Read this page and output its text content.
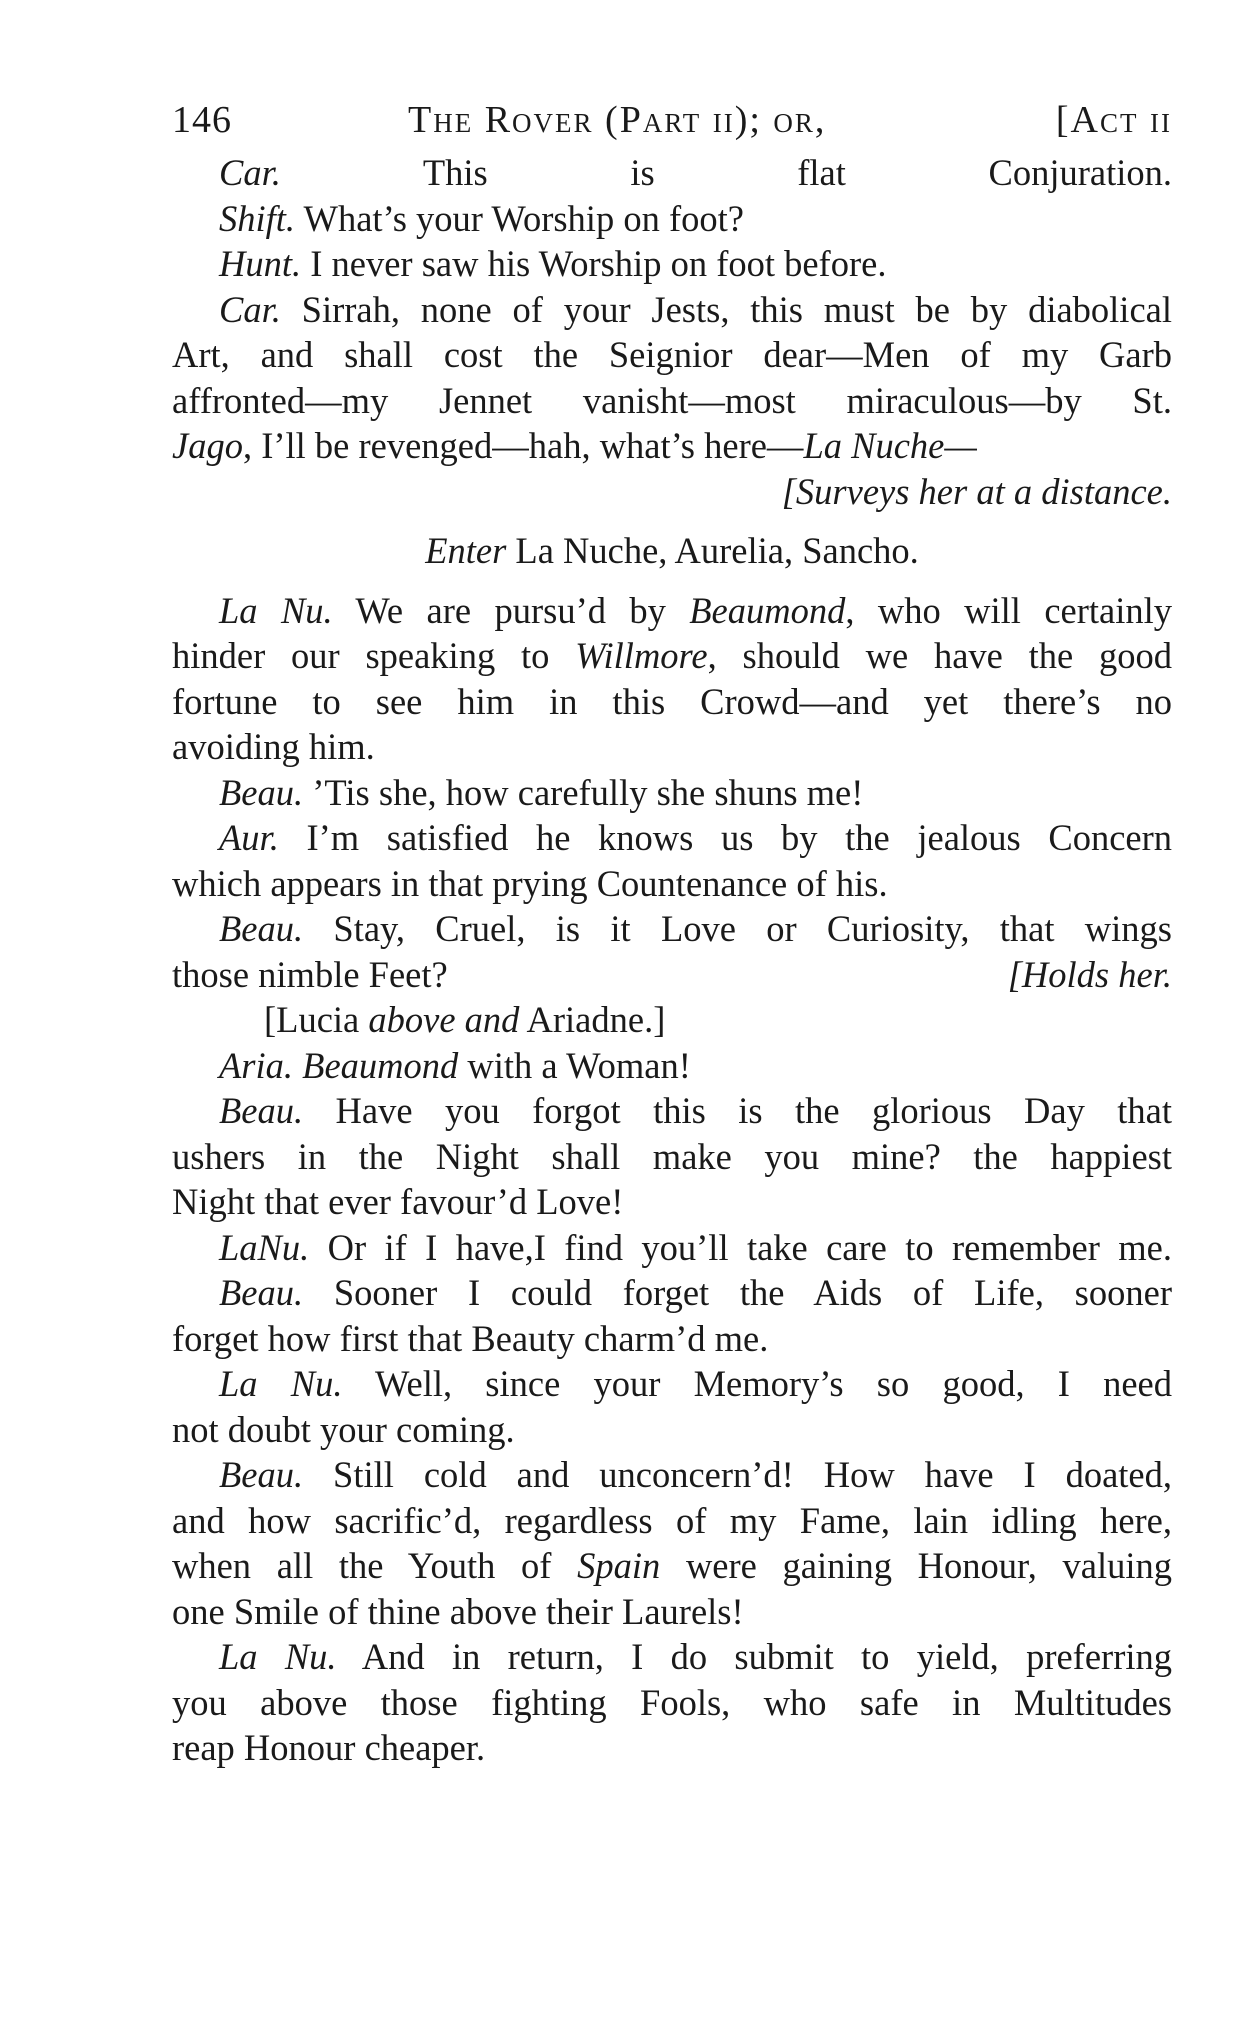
146	The Rover (Part ii); or,	[Act ii
Car. This is flat Conjuration.
Shift. What’s your Worship on foot?
Hunt. I never saw his Worship on foot before.
Car. Sirrah, none of your Jests, this must be by diabolical
Art, and shall cost the Seignior dear—Men of my Garb
affronted—my Jennet vanisht—most miraculous—by St.
Jago, I’ll be revenged—hah, what’s here—La Nuche—
[Surveys her at a distance.
Enter La Nuche, Aurelia, Sancho.
La Nu. We are pursu’d by Beaumond, who will certainly
hinder our speaking to Willmore, should we have the good
fortune to see him in this Crowd—and yet there’s no
avoiding him.
Beau. ’Tis she, how carefully she shuns me!
Aur. I’m satisfied he knows us by the jealous Concern
which appears in that prying Countenance of his.
Beau. Stay, Cruel, is it Love or Curiosity, that wings
those nimble Feet?	[Holds her.
[Lucia above and Ariadne.]
Aria. Beaumond with a Woman!
Beau. Have you forgot this is the glorious Day that
ushers in the Night shall make you mine? the happiest
Night that ever favour’d Love!
LaNu. Or if I have,I find you’ll take care to remember me.
Beau. Sooner I could forget the Aids of Life, sooner
forget how first that Beauty charm’d me.
La Nu. Well, since your Memory’s so good, I need
not doubt your coming.
Beau. Still cold and unconcern’d! How have I doated,
and how sacrific’d, regardless of my Fame, lain idling here,
when all the Youth of Spain were gaining Honour, valuing
one Smile of thine above their Laurels!
La Nu. And in return, I do submit to yield, preferring
you above those fighting Fools, who safe in Multitudes
reap Honour cheaper.
